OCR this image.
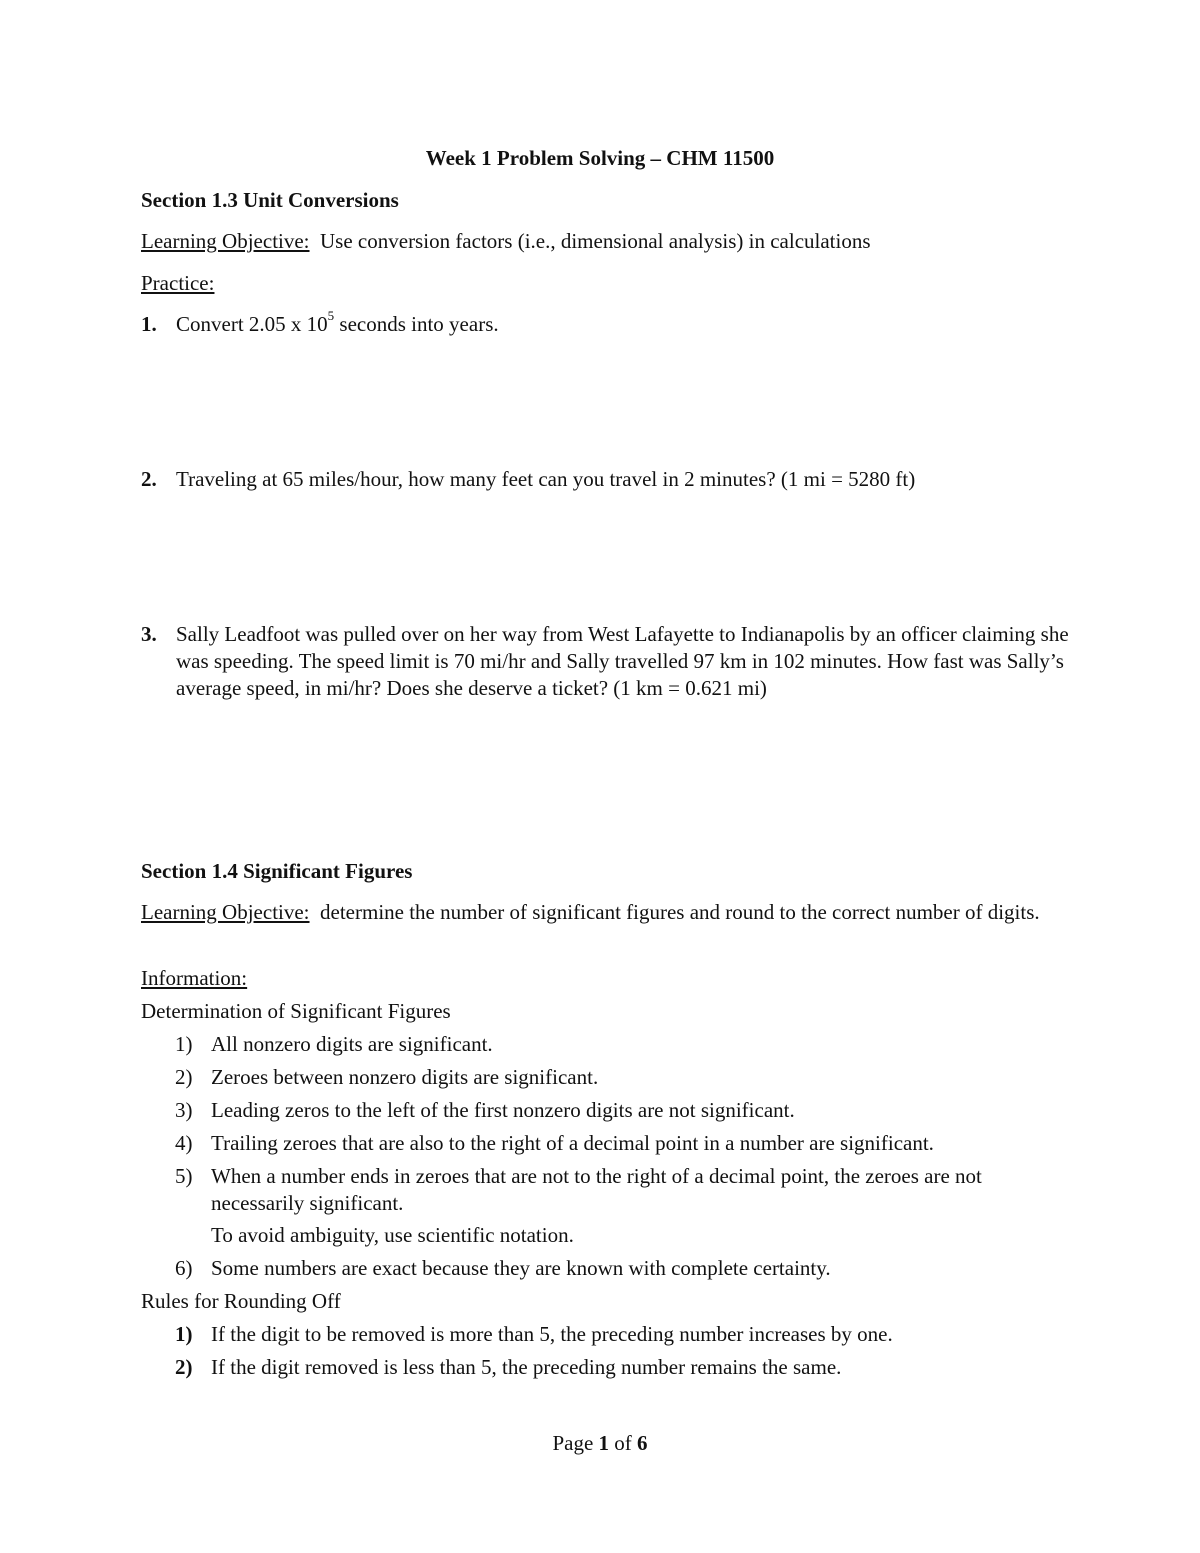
Week 1 Problem Solving – CHM 11500
Section 1.3 Unit Conversions
Learning Objective: Use conversion factors (i.e., dimensional analysis) in calculations
Practice:
1. Convert 2.05 x $10^5$ seconds into years.
2. Traveling at 65 miles/hour, how many feet can you travel in 2 minutes? (1 mi = 5280 ft)
3. Sally Leadfoot was pulled over on her way from West Lafayette to Indianapolis by an officer claiming she was speeding. The speed limit is 70 mi/hr and Sally travelled 97 km in 102 minutes. How fast was Sally’s average speed, in mi/hr? Does she deserve a ticket? (1 km = 0.621 mi)
Section 1.4 Significant Figures
Learning Objective: determine the number of significant figures and round to the correct number of digits.
Information:
Determination of Significant Figures
1) All nonzero digits are significant.
2) Zeroes between nonzero digits are significant.
3) Leading zeros to the left of the first nonzero digits are not significant.
4) Trailing zeroes that are also to the right of a decimal point in a number are significant.
5) When a number ends in zeroes that are not to the right of a decimal point, the zeroes are not necessarily significant.
To avoid ambiguity, use scientific notation.
6) Some numbers are exact because they are known with complete certainty.
Rules for Rounding Off
1) If the digit to be removed is more than 5, the preceding number increases by one.
2) If the digit removed is less than 5, the preceding number remains the same.
Page 1 of 6
